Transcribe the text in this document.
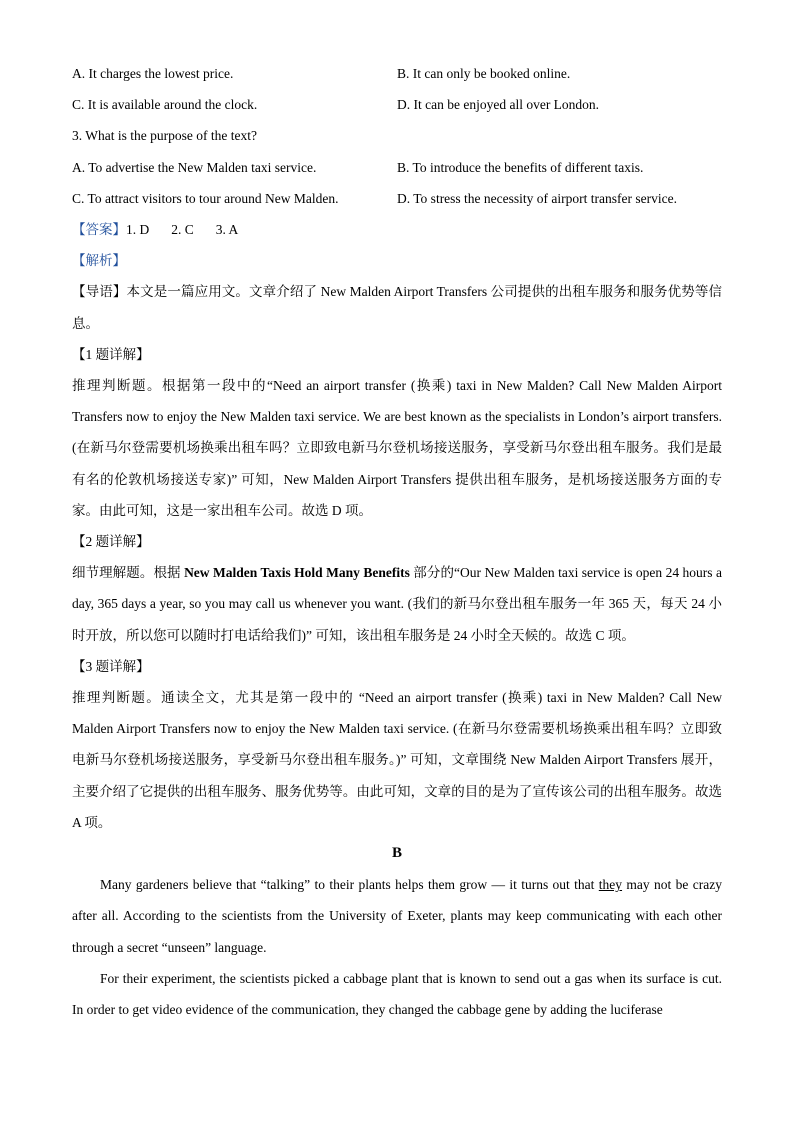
A. It charges the lowest price.	B. It can only be booked online.
C. It is available around the clock.	D. It can be enjoyed all over London.
3. What is the purpose of the text?
A. To advertise the New Malden taxi service.	B. To introduce the benefits of different taxis.
C. To attract visitors to tour around New Malden.	D. To stress the necessity of airport transfer service.
【答案】1. D 2. C 3. A
【解析】
【导语】本文是一篇应用文。文章介绍了 New Malden Airport Transfers 公司提供的出租车服务和服务优势等信息。
【1 题详解】
推理判断题。根据第一段中的“Need an airport transfer (换乘) taxi in New Malden? Call New Malden Airport Transfers now to enjoy the New Malden taxi service. We are best known as the specialists in London’s airport transfers. (在新马尔登需要机场换乘出租车吗？立即致电新马尔登机场接送服务，享受新马尔登出租车服务。我们是最有名的伦敦机场接送专家)” 可知，New Malden Airport Transfers 提供出租车服务，是机场接送服务方面的专家。由此可知，这是一家出租车公司。故选 D 项。
【2 题详解】
细节理解题。根据 New Malden Taxis Hold Many Benefits 部分的“Our New Malden taxi service is open 24 hours a day, 365 days a year, so you may call us whenever you want. (我们的新马尔登出租车服务一年 365 天，每天 24 小时开放，所以您可以随时打电话给我们)” 可知，该出租车服务是 24 小时全天候的。故选 C 项。
【3 题详解】
推理判断题。通读全文，尤其是第一段中的 “Need an airport transfer (换乘) taxi in New Malden? Call New Malden Airport Transfers now to enjoy the New Malden taxi service. (在新马尔登需要机场换乘出租车吗？立即致电新马尔登机场接送服务，享受新马尔登出租车服务。)” 可知，文章围绕 New Malden Airport Transfers 展开，主要介绍了它提供的出租车服务、服务优势等。由此可知，文章的目的是为了宣传该公司的出租车服务。故选 A 项。
B
Many gardeners believe that “talking” to their plants helps them grow — it turns out that they may not be crazy after all. According to the scientists from the University of Exeter, plants may keep communicating with each other through a secret “unseen” language.
For their experiment, the scientists picked a cabbage plant that is known to send out a gas when its surface is cut. In order to get video evidence of the communication, they changed the cabbage gene by adding the luciferase
